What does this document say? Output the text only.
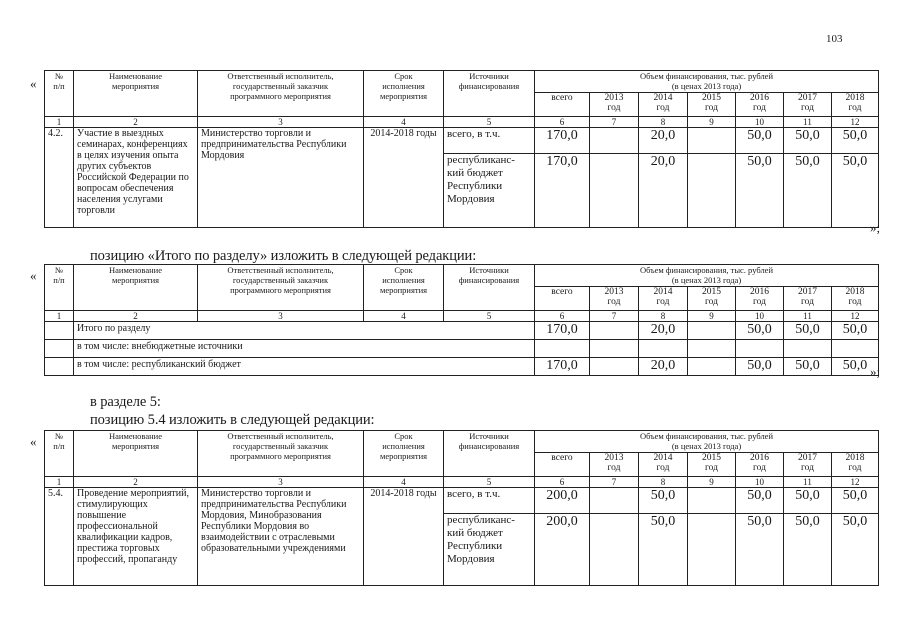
103
« №
п/п	Наименование
мероприятия	Ответственный исполнитель,
государственный заказчик
программного мероприятия	Срок
исполнения
мероприятия	Источники
финансирования	Объем финансирования, тыс. рублей
(в ценах 2013 года)						
					всего	2013
год	2014
год	2015
год	2016
год	2017
год	2018
год
1	2	3	4	5	6	7	8	9	10	11	12
4.2.	Участие в выездных семинарах, конференциях в целях изучения опыта других субъектов Российской Федерации по вопросам обеспечения населения услугами торговли	Министерство торговли и предпринимательства Республики Мордовия	2014-2018 годы	всего, в т.ч.	170,0		20,0		50,0	50,0	50,0
				республиканс-кий бюджет Республики Мордовия	170,0		20,0		50,0	50,0	50,0
»;
позицию «Итого по разделу» изложить в следующей редакции:
« №
п/п	Наименование
мероприятия	Ответственный исполнитель,
государственный заказчик
программного мероприятия	Срок
исполнения
мероприятия	Источники
финансирования	Объем финансирования, тыс. рублей
(в ценах 2013 года)						
					всего	2013
год	2014
год	2015
год	2016
год	2017
год	2018
год
1	2	3	4	5	6	7	8	9	10	11	12
	Итого по разделу				170,0		20,0		50,0	50,0	50,0
	в том числе: внебюджетные источники										
	в том числе: республиканский бюджет				170,0		20,0		50,0	50,0	50,0 »;
в разделе 5:
позицию 5.4 изложить в следующей редакции:
« №
п/п	Наименование
мероприятия	Ответственный исполнитель,
государственный заказчик
программного мероприятия	Срок
исполнения
мероприятия	Источники
финансирования	Объем финансирования, тыс. рублей
(в ценах 2013 года)						
					всего	2013
год	2014
год	2015
год	2016
год	2017
год	2018
год
1	2	3	4	5	6	7	8	9	10	11	12
5.4.	Проведение мероприятий, стимулирующих повышение профессиональной квалификации кадров, престижа торговых профессий, пропаганду	Министерство торговли и предпринимательства Республики Мордовия, Минобразования Республики Мордовия во взаимодействии с отраслевыми образовательными учреждениями	2014-2018 годы	всего, в т.ч.	200,0		50,0		50,0	50,0	50,0
				республиканс-кий бюджет Республики Мордовия	200,0		50,0		50,0	50,0	50,0
